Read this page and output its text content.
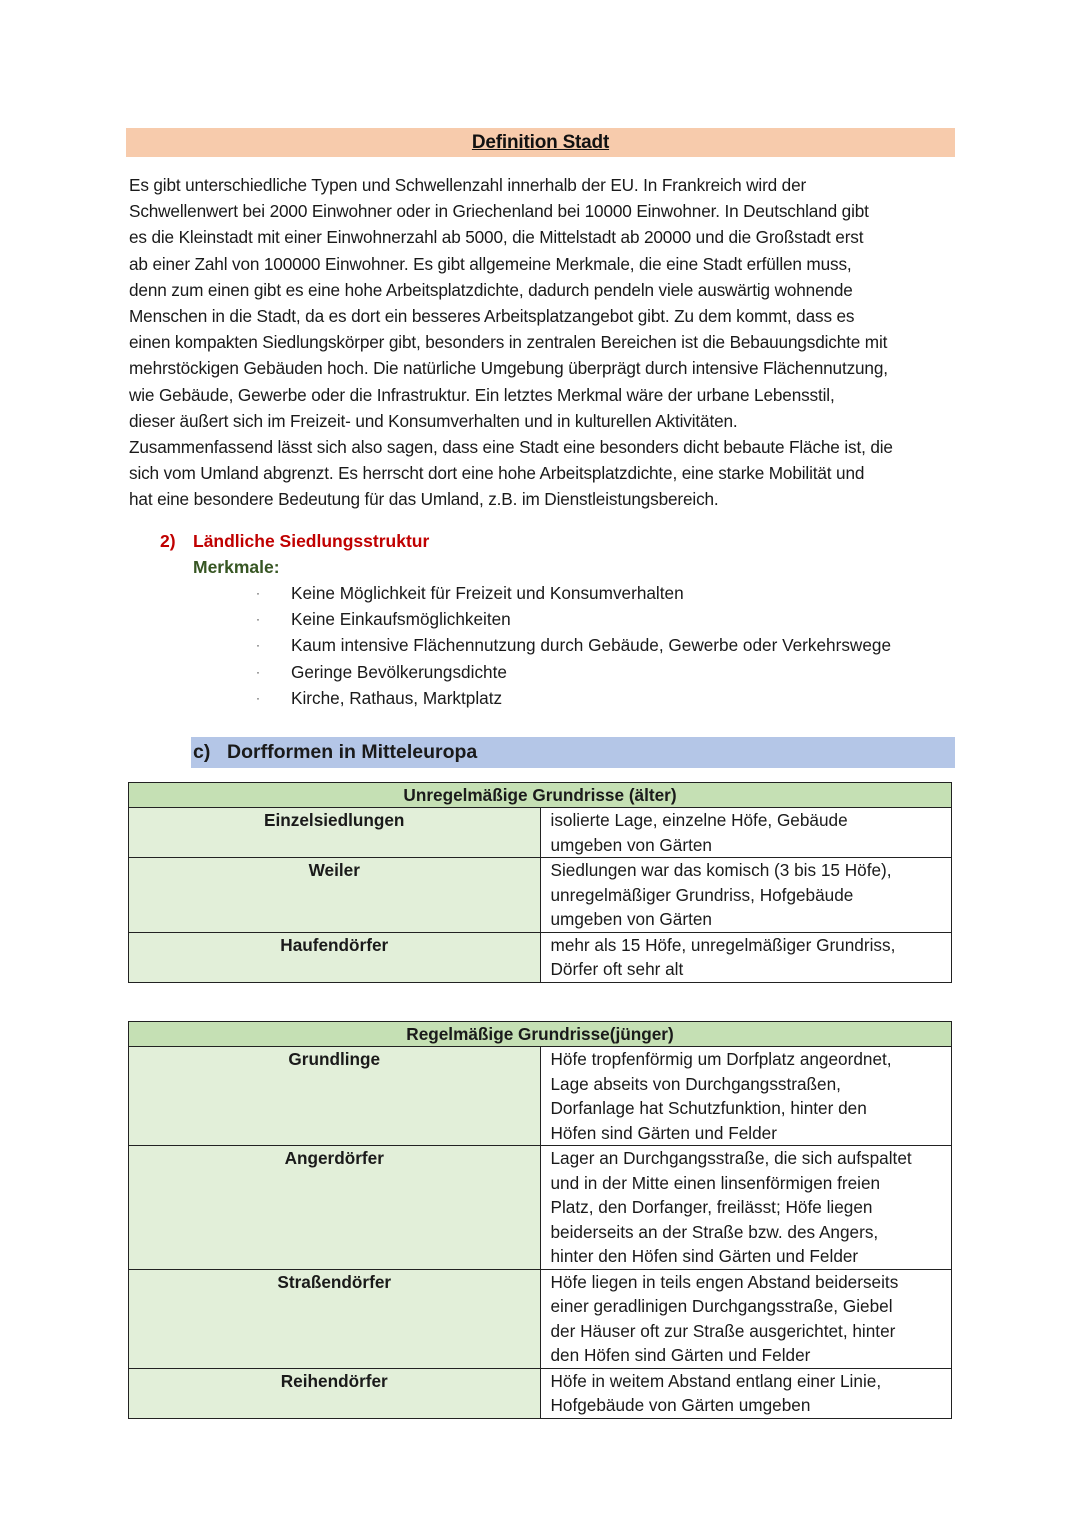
Definition Stadt
Es gibt unterschiedliche Typen und Schwellenzahl innerhalb der EU. In Frankreich wird der
Schwellenwert bei 2000 Einwohner oder in Griechenland bei 10000 Einwohner. In Deutschland gibt
es die Kleinstadt mit einer Einwohnerzahl ab 5000, die Mittelstadt ab 20000 und die Großstadt erst
ab einer Zahl von 100000 Einwohner. Es gibt allgemeine Merkmale, die eine Stadt erfüllen muss,
denn zum einen gibt es eine hohe Arbeitsplatzdichte, dadurch pendeln viele auswärtig wohnende
Menschen in die Stadt, da es dort ein besseres Arbeitsplatzangebot gibt. Zu dem kommt, dass es
einen kompakten Siedlungskörper gibt, besonders in zentralen Bereichen ist die Bebauungsdichte mit
mehrstöckigen Gebäuden hoch. Die natürliche Umgebung überprägt durch intensive Flächennutzung,
wie Gebäude, Gewerbe oder die Infrastruktur. Ein letztes Merkmal wäre der urbane Lebensstil,
dieser äußert sich im Freizeit- und Konsumverhalten und in kulturellen Aktivitäten.
Zusammenfassend lässt sich also sagen, dass eine Stadt eine besonders dicht bebaute Fläche ist, die
sich vom Umland abgrenzt. Es herrscht dort eine hohe Arbeitsplatzdichte, eine starke Mobilität und
hat eine besondere Bedeutung für das Umland, z.B. im Dienstleistungsbereich.
2) Ländliche Siedlungsstruktur
Merkmale:
·	Keine Möglichkeit für Freizeit und Konsumverhalten
·	Keine Einkaufsmöglichkeiten
·	Kaum intensive Flächennutzung durch Gebäude, Gewerbe oder Verkehrswege
·	Geringe Bevölkerungsdichte
·	Kirche, Rathaus, Marktplatz
c) Dorfformen in Mitteleuropa
Unregelmäßige Grundrisse (älter)	
Einzelsiedlungen	isolierte Lage, einzelne Höfe, Gebäude
umgeben von Gärten

Weiler	Siedlungen war das komisch (3 bis 15 Höfe),
unregelmäßiger Grundriss, Hofgebäude
umgeben von Gärten

Haufendörfer	mehr als 15 Höfe, unregelmäßiger Grundriss,
Dörfer oft sehr alt
Regelmäßige Grundrisse(jünger)	
Grundlinge	Höfe tropfenförmig um Dorfplatz angeordnet,
Lage abseits von Durchgangsstraßen,
Dorfanlage hat Schutzfunktion, hinter den
Höfen sind Gärten und Felder

Angerdörfer	Lager an Durchgangsstraße, die sich aufspaltet
und in der Mitte einen linsenförmigen freien
Platz, den Dorfanger, freilässt; Höfe liegen
beiderseits an der Straße bzw. des Angers,
hinter den Höfen sind Gärten und Felder

Straßendörfer	Höfe liegen in teils engen Abstand beiderseits
einer geradlinigen Durchgangsstraße, Giebel
der Häuser oft zur Straße ausgerichtet, hinter
den Höfen sind Gärten und Felder

Reihendörfer	Höfe in weitem Abstand entlang einer Linie,
Hofgebäude von Gärten umgeben
